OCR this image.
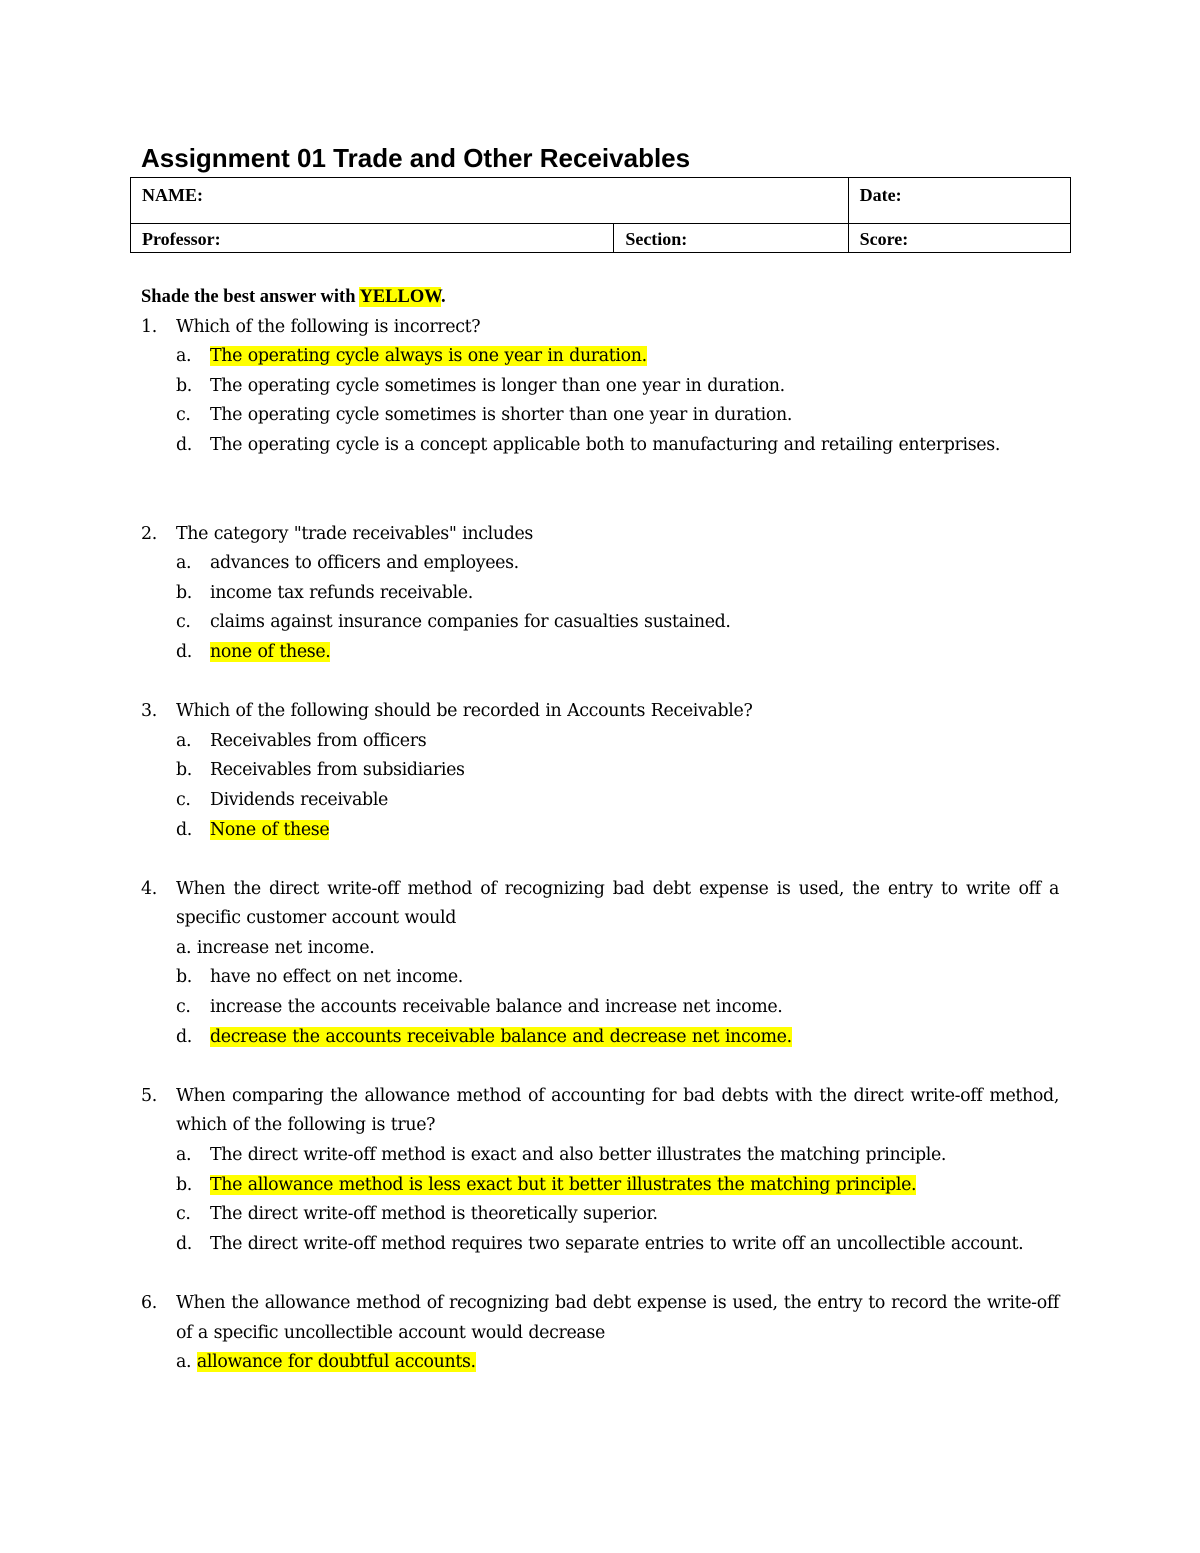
Assignment 01 Trade and Other Receivables
NAME:		Date:
Professor:	Section:	Score:
Shade the best answer with YELLOW.
1. Which of the following is incorrect?
a. The operating cycle always is one year in duration.
b. The operating cycle sometimes is longer than one year in duration.
c. The operating cycle sometimes is shorter than one year in duration.
d. The operating cycle is a concept applicable both to manufacturing and retailing enterprises.
2. The category "trade receivables" includes
a. advances to officers and employees.
b. income tax refunds receivable.
c. claims against insurance companies for casualties sustained.
d. none of these.
3. Which of the following should be recorded in Accounts Receivable?
a. Receivables from officers
b. Receivables from subsidiaries
c. Dividends receivable
d. None of these
4. When the direct write-off method of recognizing bad debt expense is used, the entry to write off a specific customer account would
a. increase net income.
b. have no effect on net income.
c. increase the accounts receivable balance and increase net income.
d. decrease the accounts receivable balance and decrease net income.
5. When comparing the allowance method of accounting for bad debts with the direct write-off method, which of the following is true?
a. The direct write-off method is exact and also better illustrates the matching principle.
b. The allowance method is less exact but it better illustrates the matching principle.
c. The direct write-off method is theoretically superior.
d. The direct write-off method requires two separate entries to write off an uncollectible account.
6. When the allowance method of recognizing bad debt expense is used, the entry to record the write-off of a specific uncollectible account would decrease
a. allowance for doubtful accounts.
